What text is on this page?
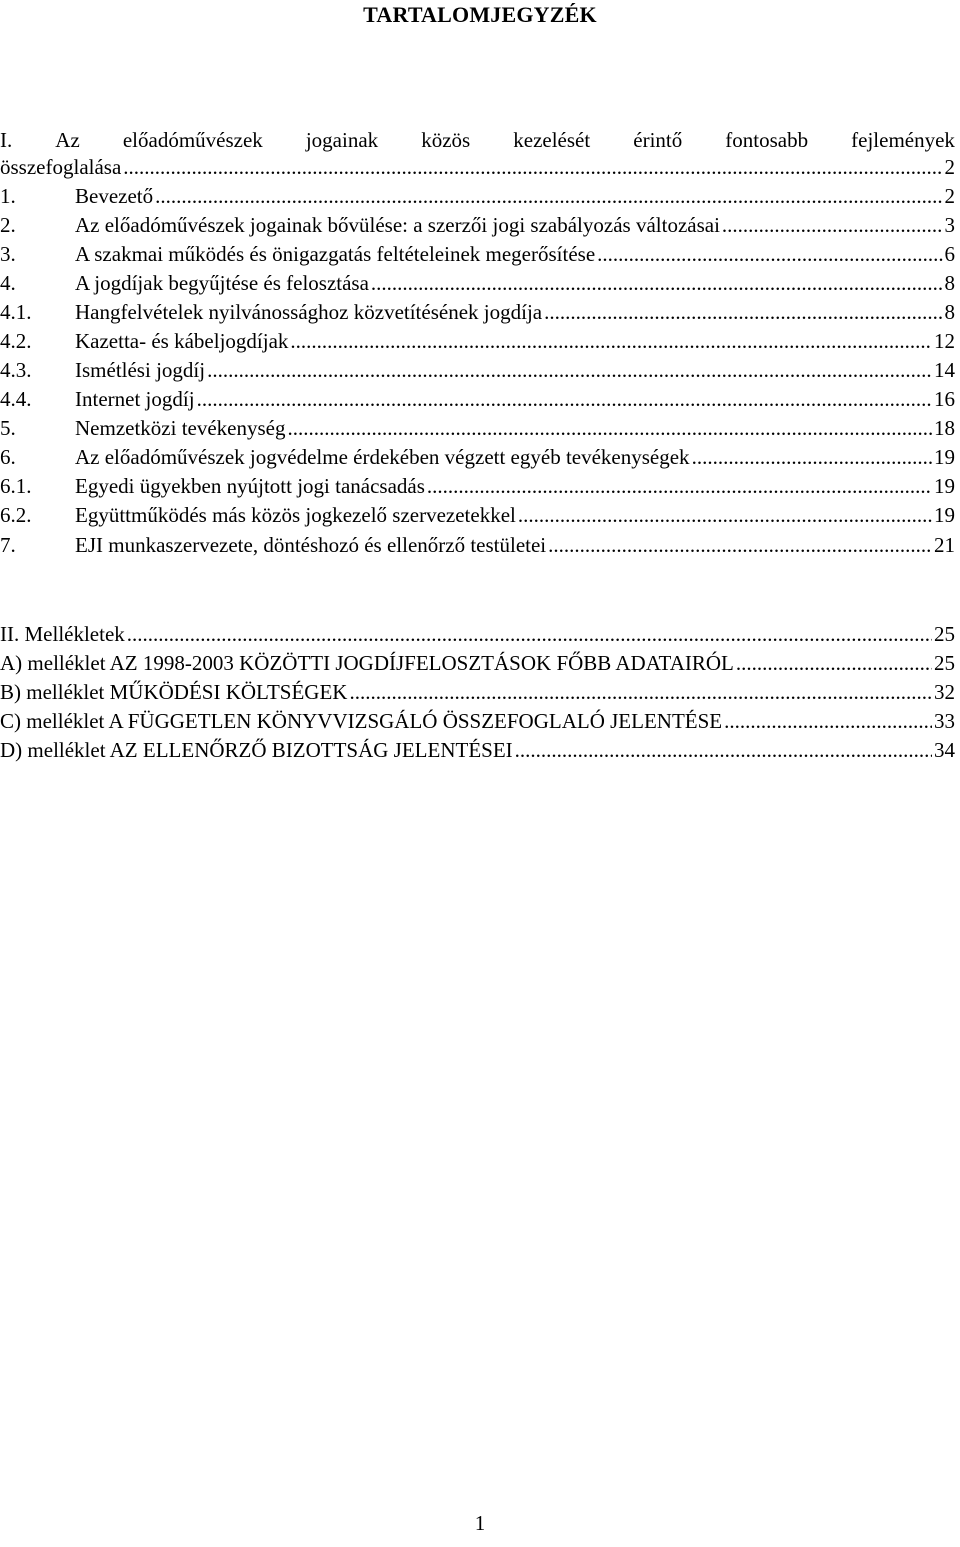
TARTALOMJEGYZÉK
I. Az előadóművészek jogainak közös kezelését érintő fontosabb fejlemények
összefoglalása .....	2
1.	Bevezető .....	2
2.	Az előadóművészek jogainak bővülése: a szerzői jogi szabályozás változásai .....	3
3.	A szakmai működés és önigazgatás feltételeinek megerősítése .....	6
4.	A jogdíjak begyűjtése és felosztása .....	8
4.1.	Hangfelvételek nyilvánossághoz közvetítésének jogdíja .....	8
4.2.	Kazetta- és kábeljogdíjak .....	12
4.3.	Ismétlési jogdíj .....	14
4.4.	Internet jogdíj .....	16
5.	Nemzetközi tevékenység .....	18
6.	Az előadóművészek jogvédelme érdekében végzett egyéb tevékenységek .....	19
6.1.	Egyedi ügyekben nyújtott jogi tanácsadás .....	19
6.2.	Együttműködés más közös jogkezelő szervezetekkel .....	19
7.	EJI munkaszervezete, döntéshozó és ellenőrző testületei .....	21
II. Mellékletek .....	25
A) melléklet AZ 1998-2003 KÖZÖTTI JOGDÍJFELOSZTÁSOK FŐBB ADATAIRÓL .....	25
B) melléklet MŰKÖDÉSI KÖLTSÉGEK .....	32
C) melléklet A FÜGGETLEN KÖNYVVIZSGÁLÓ ÖSSZEFOGLALÓ JELENTÉSE .....	33
D) melléklet AZ ELLENŐRZŐ BIZOTTSÁG JELENTÉSEI .....	34
1
